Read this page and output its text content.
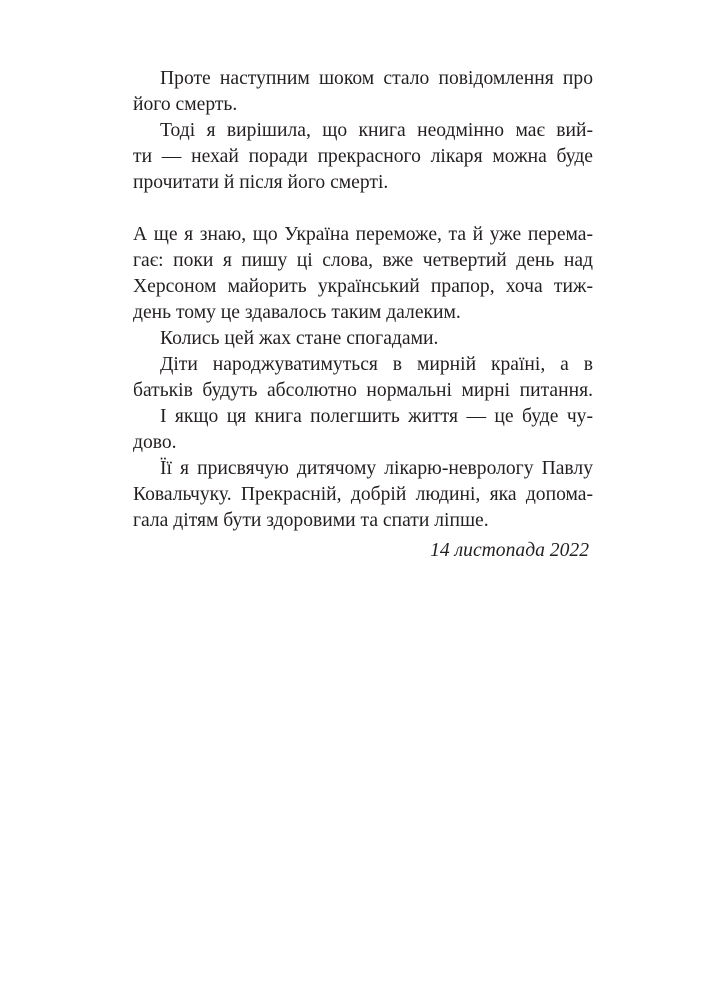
Проте наступним шоком стало повідомлення про
його смерть.
Тоді я вирішила, що книга неодмінно має вий-
ти — нехай поради прекрасного лікаря можна буде
прочитати й після його смерті.
А ще я знаю, що Україна переможе, та й уже перема-
гає: поки я пишу ці слова, вже четвертий день над
Херсоном майорить український прапор, хоча тиж-
день тому це здавалось таким далеким.
Колись цей жах стане спогадами.
Діти народжуватимуться в мирній країні, а в
батьків будуть абсолютно нормальні мирні питання.
І якщо ця книга полегшить життя — це буде чу-
дово.
Її я присвячую дитячому лікарю-неврологу Павлу
Ковальчуку. Прекрасній, добрій людині, яка допома-
гала дітям бути здоровими та спати ліпше.
14 листопада 2022
